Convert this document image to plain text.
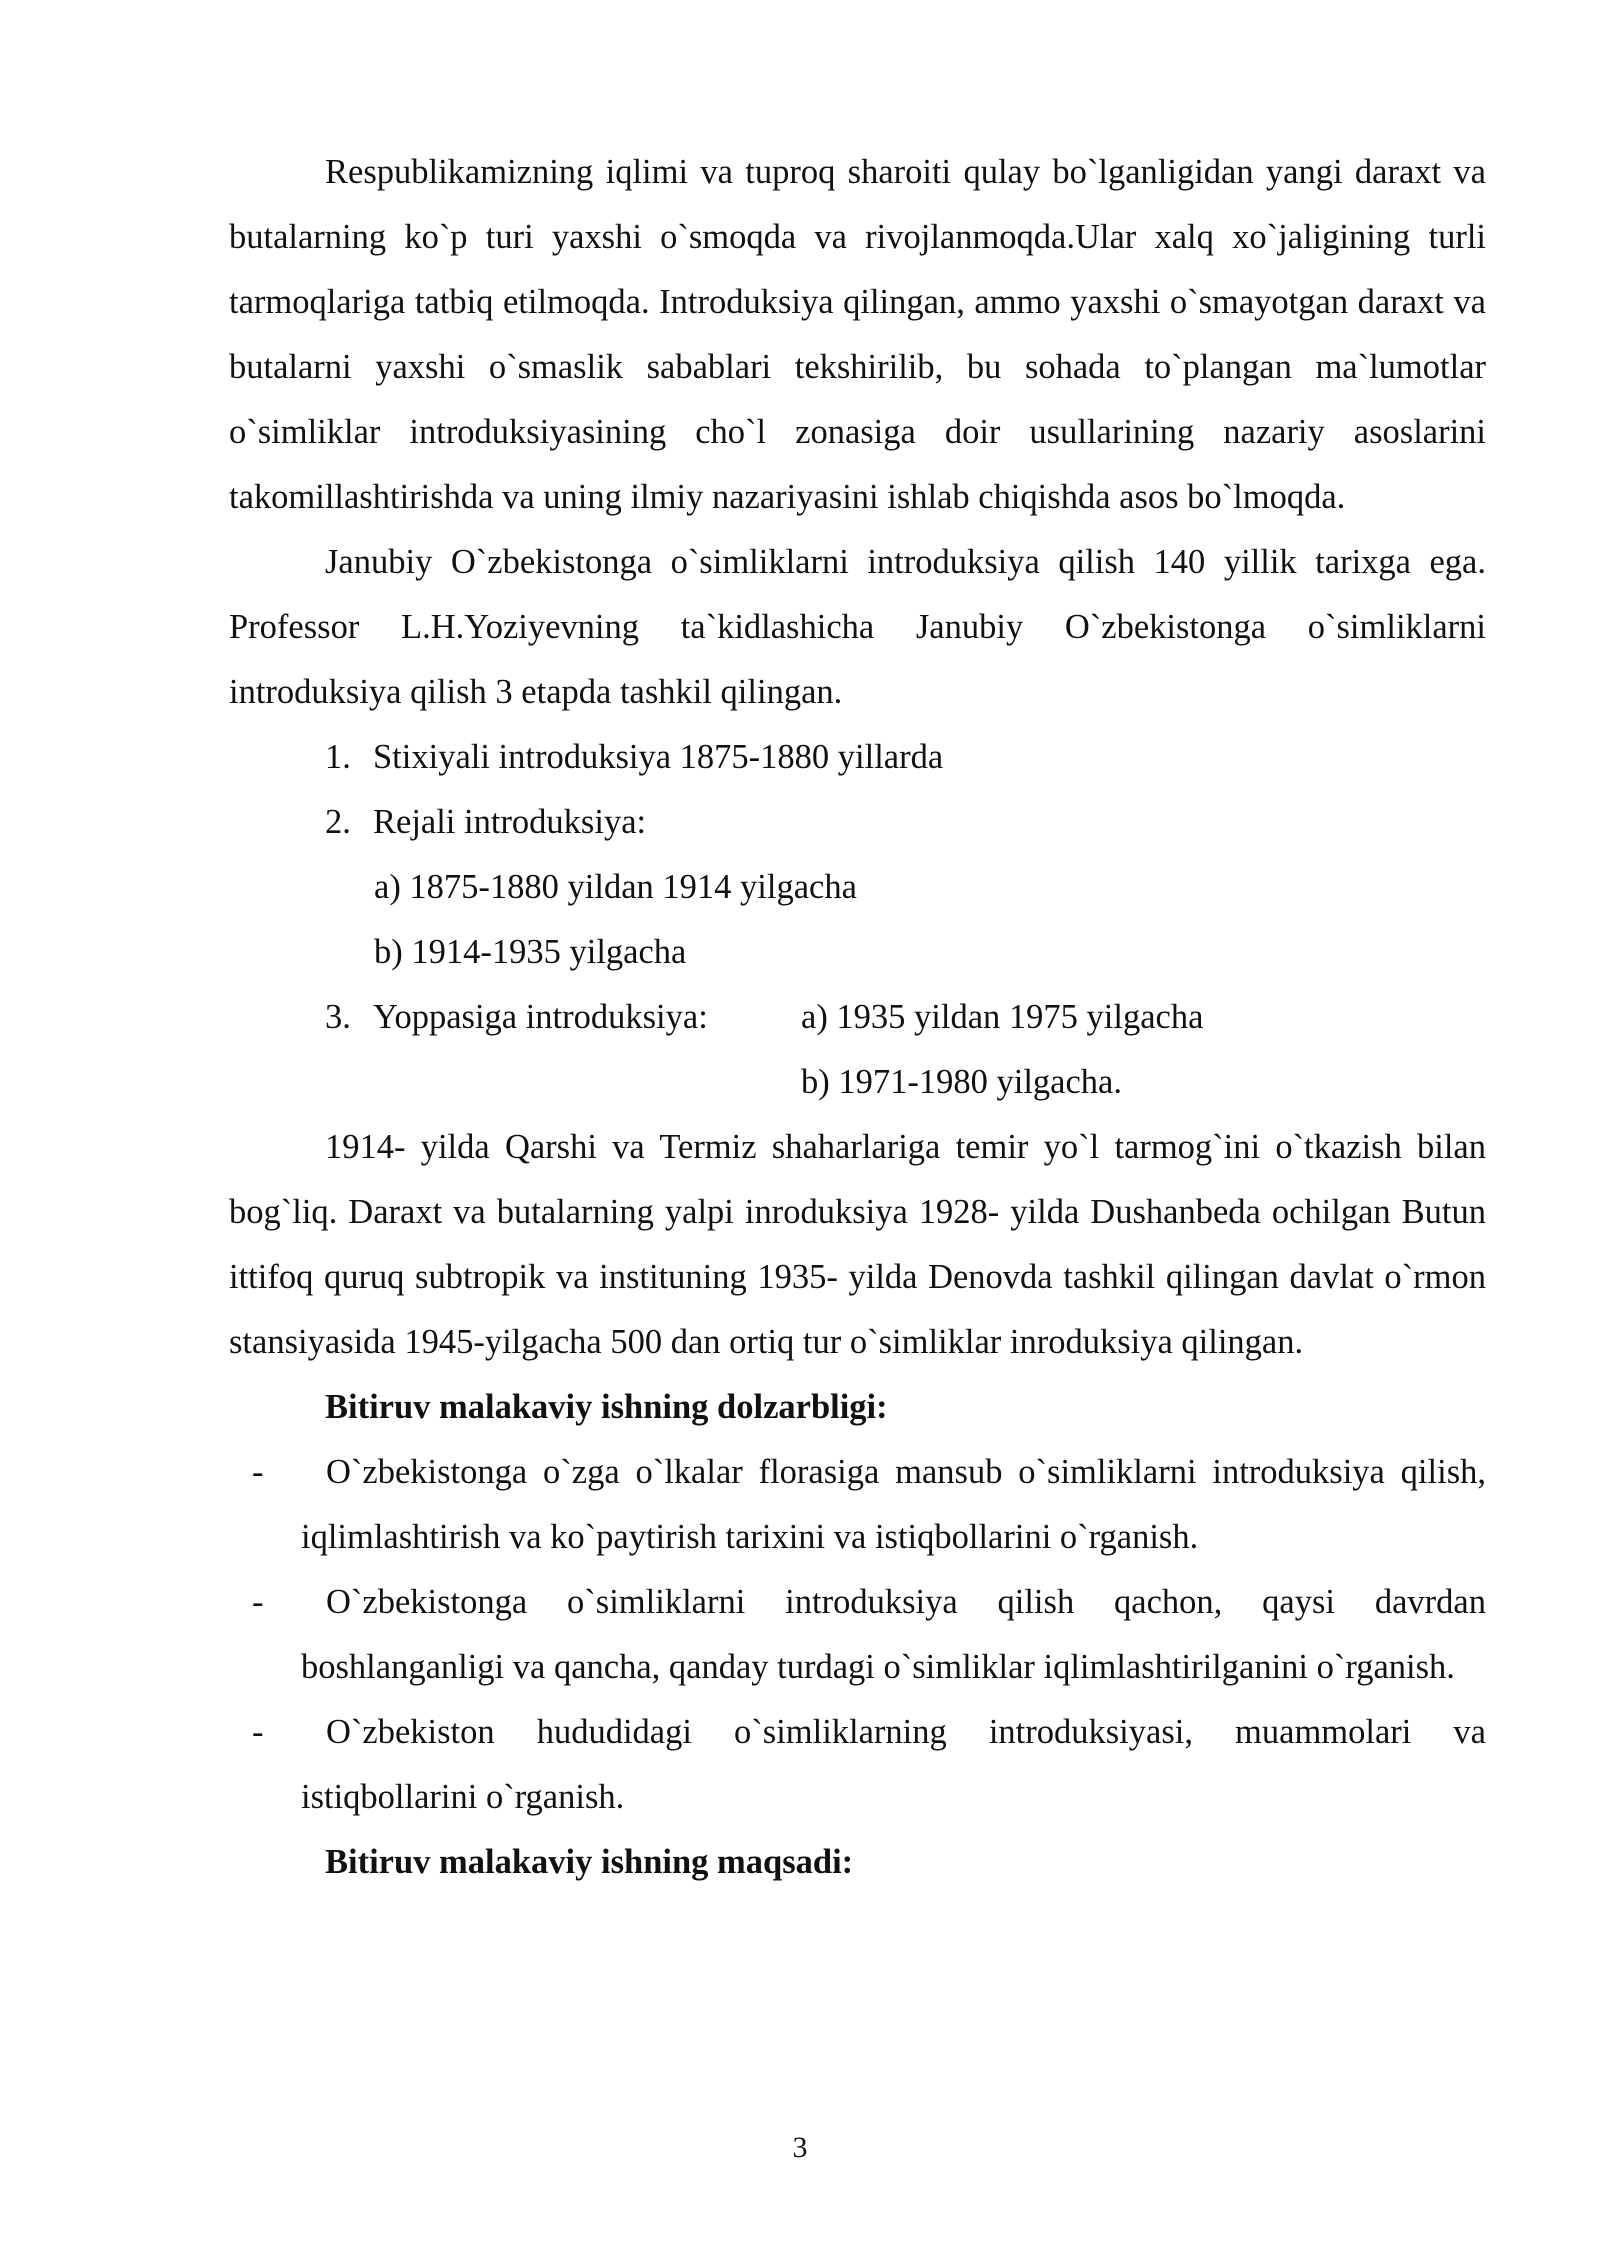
Respublikamizning iqlimi va tuproq sharoiti qulay bo`lganligidan yangi daraxt va butalarning ko`p turi yaxshi o`smoqda va rivojlanmoqda.Ular xalq xo`jaligining turli tarmoqlariga tatbiq etilmoqda. Introduksiya qilingan, ammo yaxshi o`smayotgan daraxt va butalarni yaxshi o`smaslik sabablari tekshirilib, bu sohada to`plangan ma`lumotlar o`simliklar introduksiyasining cho`l zonasiga doir usullarining nazariy asoslarini takomillashtirishda va uning ilmiy nazariyasini ishlab chiqishda asos bo`lmoqda.

Janubiy O`zbekistonga o`simliklarni introduksiya qilish 140 yillik tarixga ega. Professor L.H.Yoziyevning ta`kidlashicha Janubiy O`zbekistonga o`simliklarni introduksiya qilish 3 etapda tashkil qilingan.

1. Stixiyali introduksiya 1875-1880 yillarda

2. Rejali introduksiya:

a) 1875-1880 yildan 1914 yilgacha

b) 1914-1935 yilgacha

3. Yoppasiga introduksiya:	a) 1935 yildan 1975 yilgacha

b) 1971-1980 yilgacha.

1914- yilda Qarshi va Termiz shaharlariga temir yo`l tarmog`ini o`tkazish bilan bog`liq. Daraxt va butalarning yalpi inroduksiya 1928- yilda Dushanbeda ochilgan Butun ittifoq quruq subtropik va instituning 1935- yilda Denovda tashkil qilingan davlat o`rmon stansiyasida 1945-yilgacha 500 dan ortiq tur o`simliklar inroduksiya qilingan.

Bitiruv malakaviy ishning dolzarbligi:

- O`zbekistonga o`zga o`lkalar florasiga mansub o`simliklarni introduksiya qilish, iqlimlashtirish va ko`paytirish tarixini va istiqbollarini o`rganish.

- O`zbekistonga o`simliklarni introduksiya qilish qachon, qaysi davrdan boshlanganligi va qancha, qanday turdagi o`simliklar iqlimlashtirilganini o`rganish.

- O`zbekiston hududidagi o`simliklarning introduksiyasi, muammolari va istiqbollarini o`rganish.

Bitiruv malakaviy ishning maqsadi:

3
